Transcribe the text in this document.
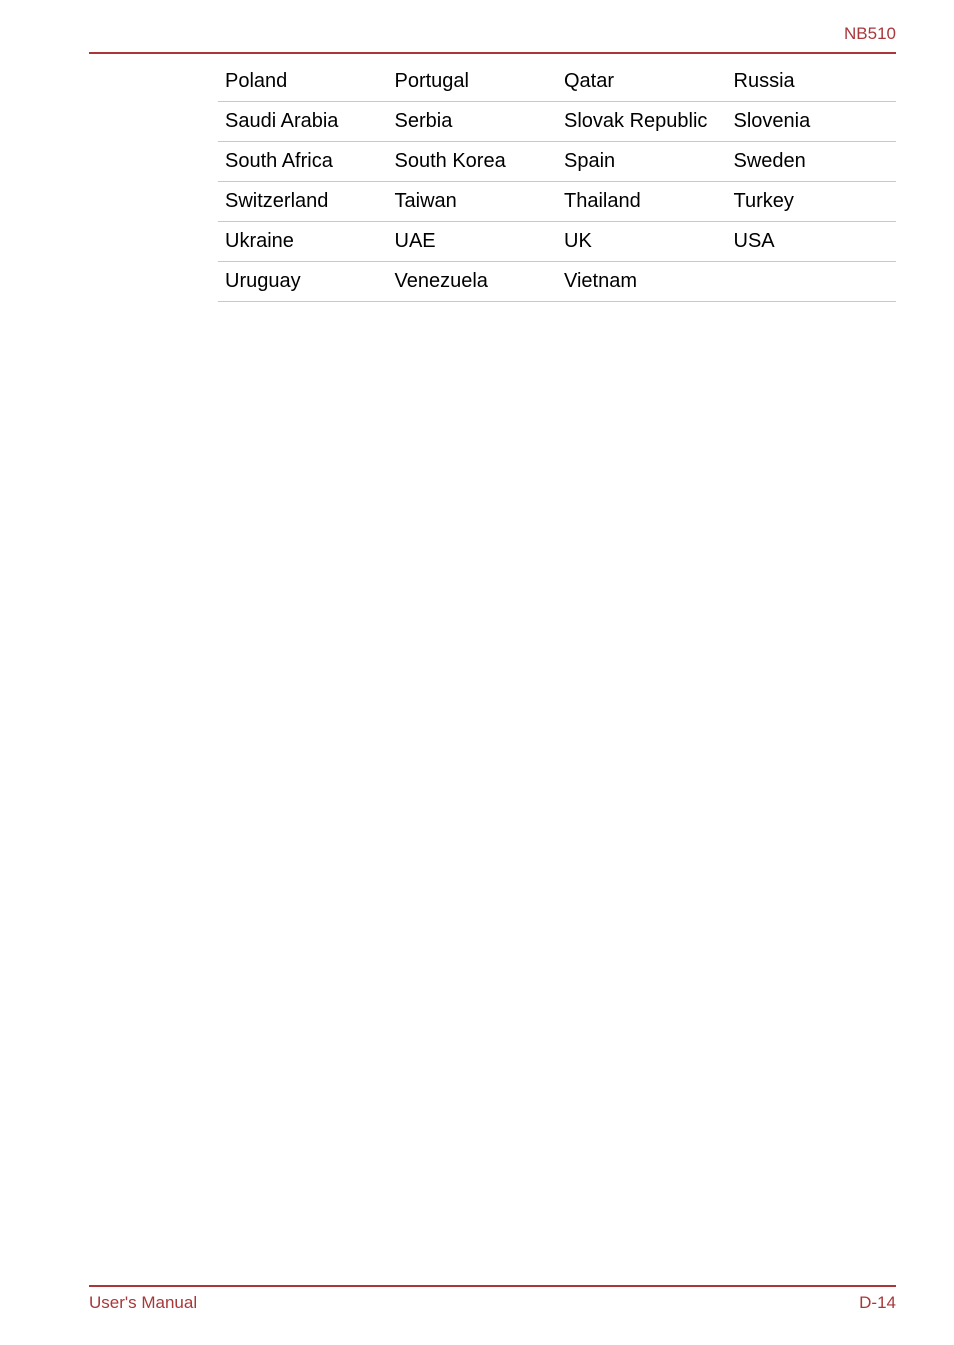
NB510
Poland	Portugal	Qatar	Russia
Saudi Arabia	Serbia	Slovak Republic	Slovenia
South Africa	South Korea	Spain	Sweden
Switzerland	Taiwan	Thailand	Turkey
Ukraine	UAE	UK	USA
Uruguay	Venezuela	Vietnam	
User's Manual	D-14
